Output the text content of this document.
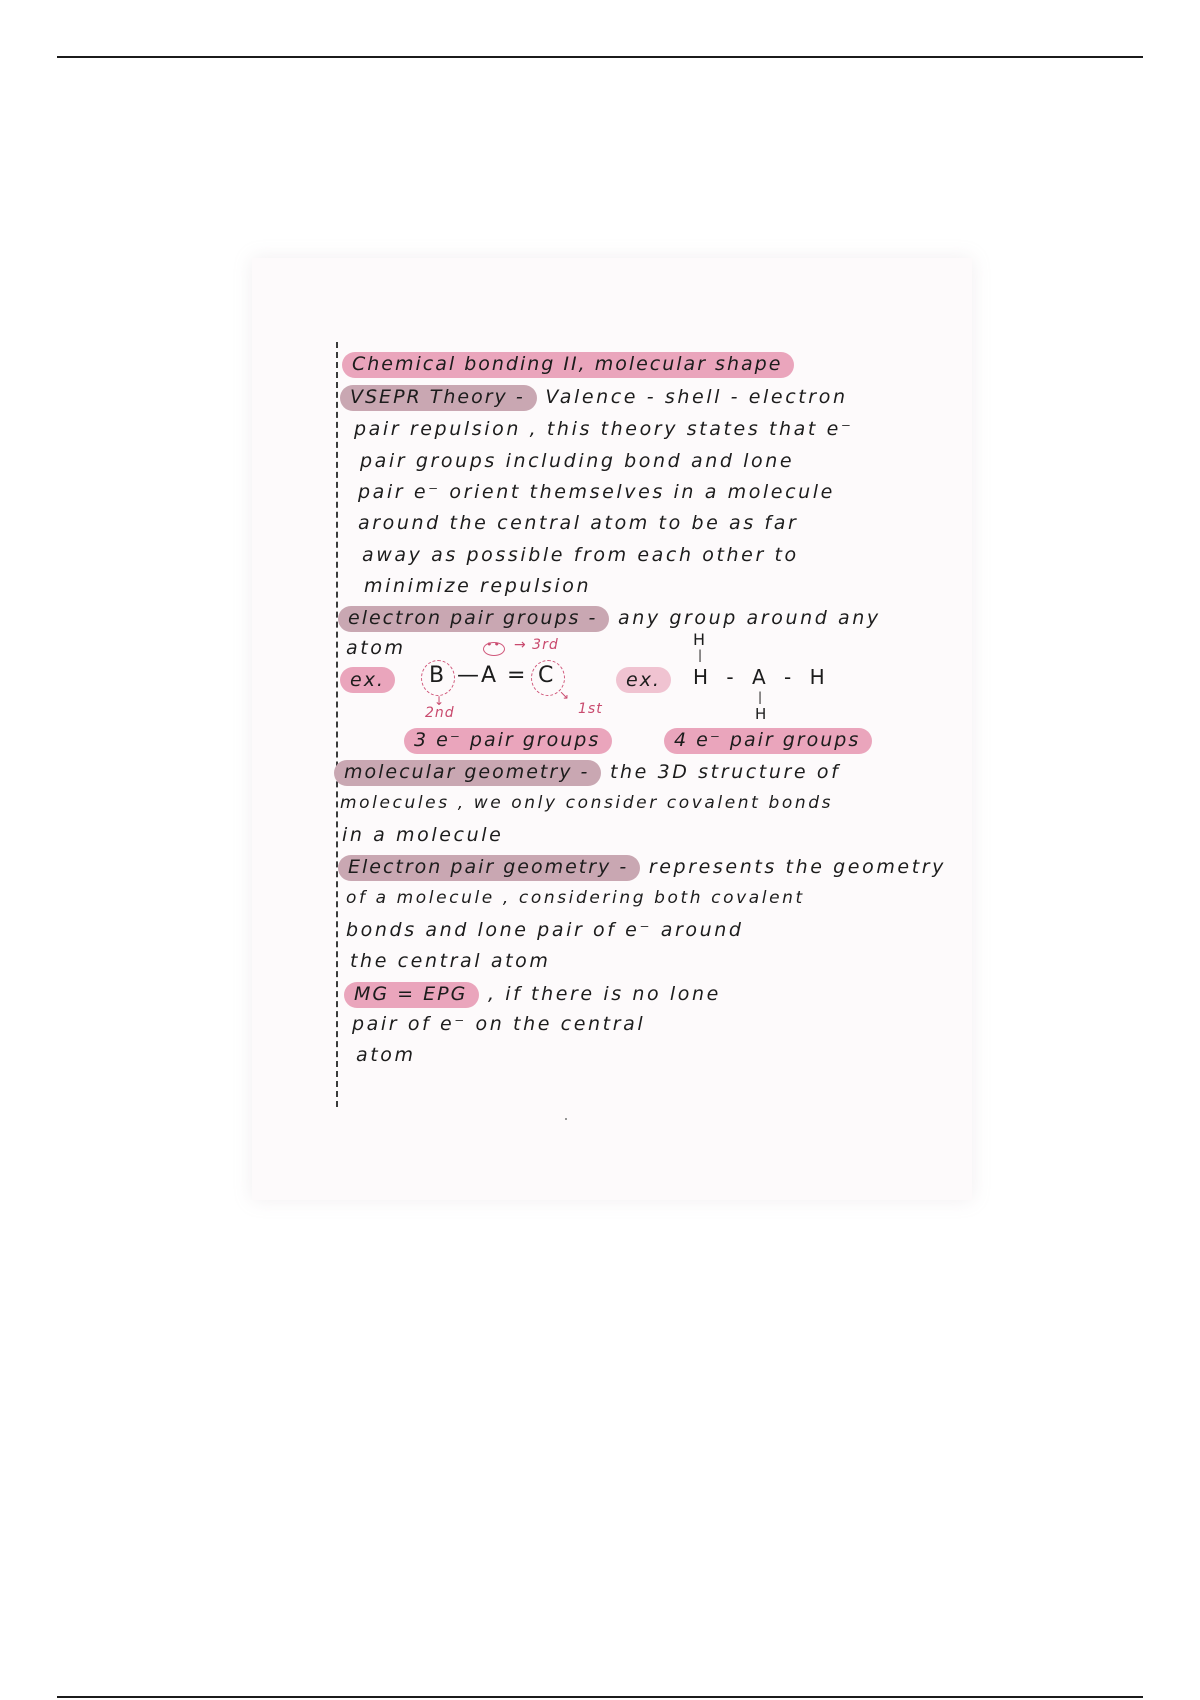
Chemical bonding II, molecular shape
VSEPR Theory - Valence - shell - electron
pair repulsion , this theory states that e⁻
pair groups including bond and lone
pair e⁻ orient themselves in a molecule
around the central atom to be as far
away as possible from each other to
minimize repulsion
electron pair groups - any group around any
atom
ex.	B — A
••
= C
→ 3rd
2nd
↓	1st
↘
3 e⁻ pair groups
ex.
H
|
H - A - H
|
H
4 e⁻ pair groups
molecular geometry - the 3D structure of
molecules , we only consider covalent bonds
in a molecule
Electron pair geometry - represents the geometry
of a molecule , considering both covalent
bonds and lone pair of e⁻ around
the central atom
MG = EPG , if there is no lone
pair of e⁻ on the central
atom
